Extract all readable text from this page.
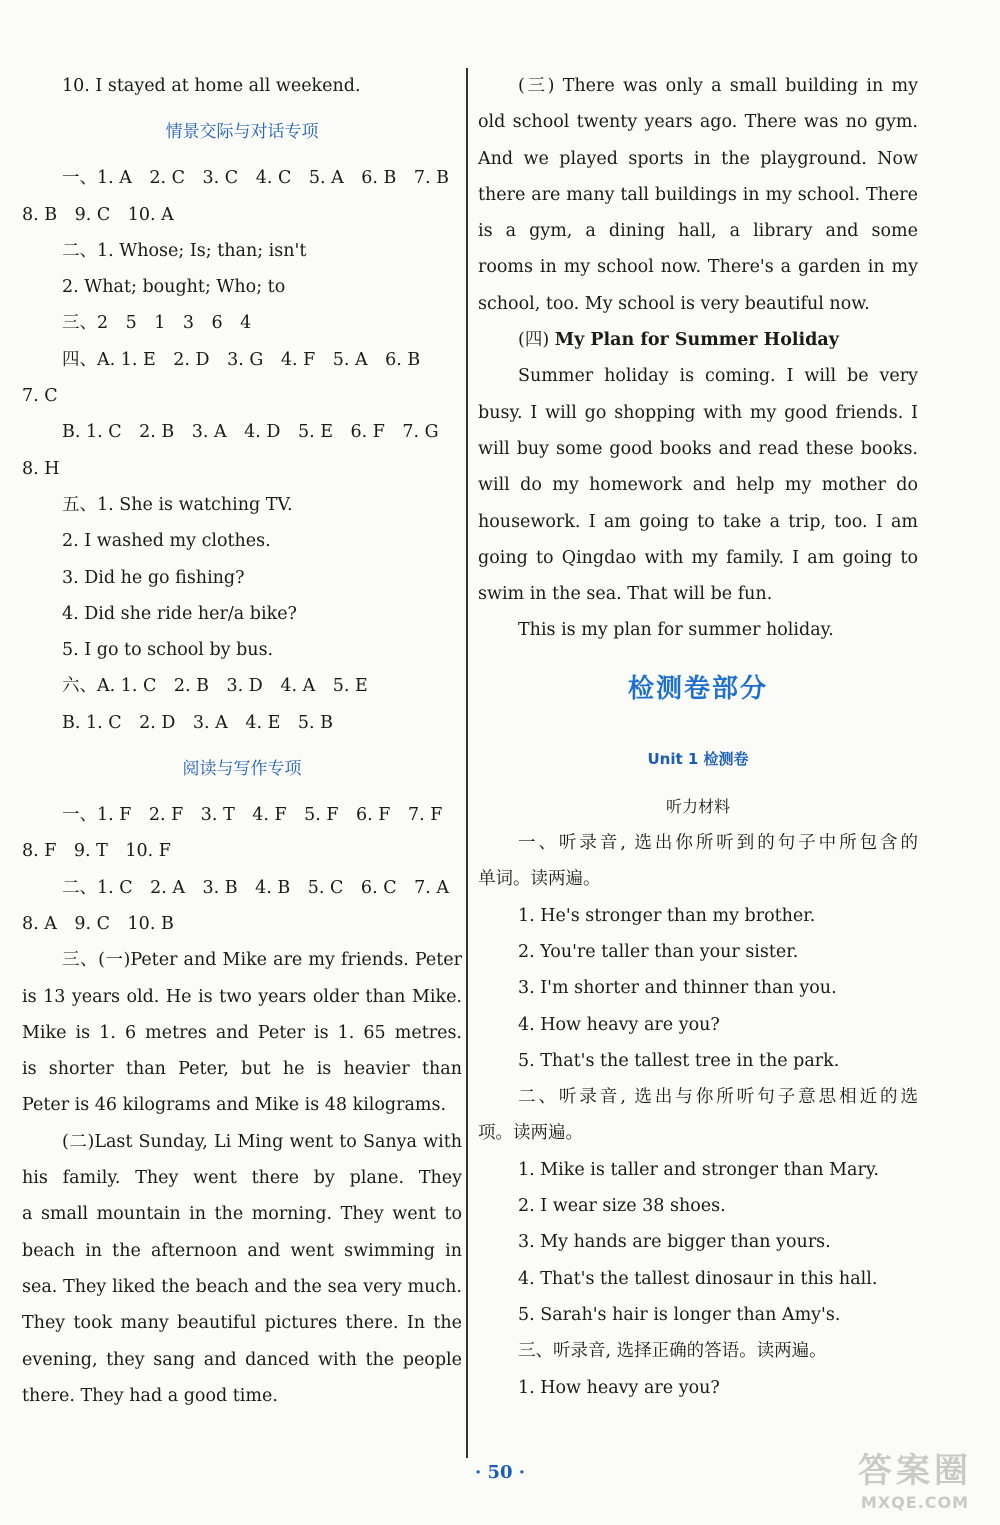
10. I stayed at home all weekend.
情景交际与对话专项
一、1. A　2. C　3. C　4. C　5. A　6. B　7. B
8. B　9. C　10. A
二、1. Whose; Is; than; isn't
2. What; bought; Who; to
三、2　5　1　3　6　4
四、A. 1. E　2. D　3. G　4. F　5. A　6. B
7. C
B. 1. C　2. B　3. A　4. D　5. E　6. F　7. G
8. H
五、1. She is watching TV.
2. I washed my clothes.
3. Did he go fishing?
4. Did she ride her/a bike?
5. I go to school by bus.
六、A. 1. C　2. B　3. D　4. A　5. E
B. 1. C　2. D　3. A　4. E　5. B
阅读与写作专项
一、1. F　2. F　3. T　4. F　5. F　6. F　7. F
8. F　9. T　10. F
二、1. C　2. A　3. B　4. B　5. C　6. C　7. A
8. A　9. C　10. B
三、(一)Peter and Mike are my friends. Peter
is 13 years old. He is two years older than Mike.
Mike is 1. 6 metres and Peter is 1. 65 metres.
is shorter than Peter, but he is heavier than
Peter is 46 kilograms and Mike is 48 kilograms.
(二)Last Sunday, Li Ming went to Sanya with
his family. They went there by plane. They
a small mountain in the morning. They went to
beach in the afternoon and went swimming in
sea. They liked the beach and the sea very much.
They took many beautiful pictures there. In the
evening, they sang and danced with the people
there. They had a good time.
(三) There was only a small building in my
old school twenty years ago. There was no gym.
And we played sports in the playground. Now
there are many tall buildings in my school. There
is a gym, a dining hall, a library and some
rooms in my school now. There's a garden in my
school, too. My school is very beautiful now.
(四) My Plan for Summer Holiday
Summer holiday is coming. I will be very
busy. I will go shopping with my good friends. I
will buy some good books and read these books.
will do my homework and help my mother do
housework. I am going to take a trip, too. I am
going to Qingdao with my family. I am going to
swim in the sea. That will be fun.
This is my plan for summer holiday.
检测卷部分
Unit 1 检测卷
听力材料
一、听录音, 选出你所听到的句子中所包含的
单词。读两遍。
1. He's stronger than my brother.
2. You're taller than your sister.
3. I'm shorter and thinner than you.
4. How heavy are you?
5. That's the tallest tree in the park.
二、听录音, 选出与你所听句子意思相近的选
项。读两遍。
1. Mike is taller and stronger than Mary.
2. I wear size 38 shoes.
3. My hands are bigger than yours.
4. That's the tallest dinosaur in this hall.
5. Sarah's hair is longer than Amy's.
三、听录音, 选择正确的答语。读两遍。
1. How heavy are you?
· 50 ·	答案圈
MXQE.COM
